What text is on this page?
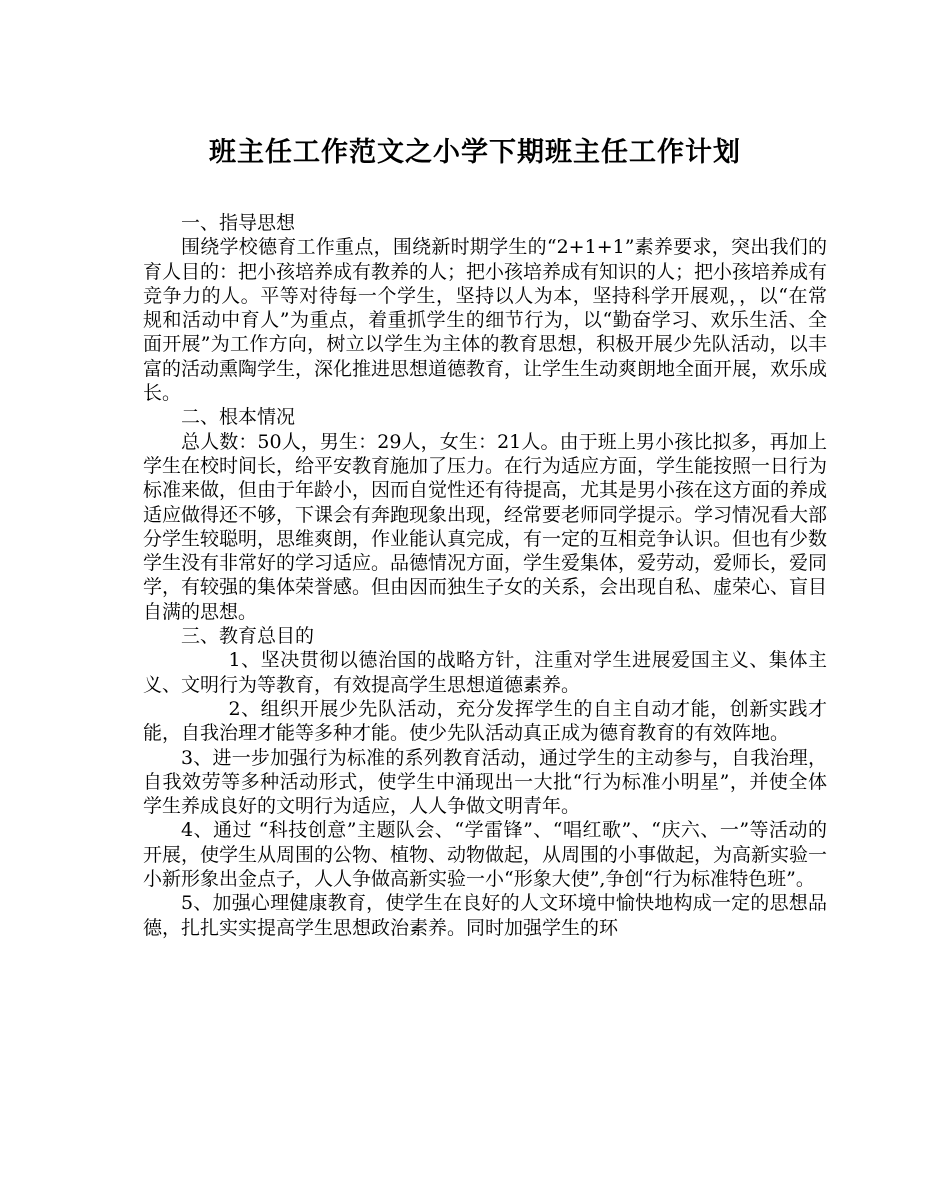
班主任工作范文之小学下期班主任工作计划

一、指导思想

围绕学校德育工作重点，围绕新时期学生的“2+1+1”素养要求，突出我们的育人目的：把小孩培养成有教养的人；把小孩培养成有知识的人；把小孩培养成有竞争力的人。平等对待每一个学生，坚持以人为本，坚持科学开展观，，以“在常规和活动中育人”为重点，着重抓学生的细节行为，以“勤奋学习、欢乐生活、全面开展”为工作方向，树立以学生为主体的教育思想，积极开展少先队活动，以丰富的活动熏陶学生，深化推进思想道德教育，让学生生动爽朗地全面开展，欢乐成长。

二、根本情况

总人数：50人，男生：29人，女生：21人。由于班上男小孩比拟多，再加上学生在校时间长，给平安教育施加了压力。在行为适应方面，学生能按照一日行为标准来做，但由于年龄小，因而自觉性还有待提高，尤其是男小孩在这方面的养成适应做得还不够，下课会有奔跑现象出现，经常要老师同学提示。学习情况看大部分学生较聪明，思维爽朗，作业能认真完成，有一定的互相竞争认识。但也有少数学生没有非常好的学习适应。品德情况方面，学生爱集体，爱劳动，爱师长，爱同学，有较强的集体荣誉感。但由因而独生子女的关系，会出现自私、虚荣心、盲目自满的思想。

三、教育总目的

1、坚决贯彻以德治国的战略方针，注重对学生进展爱国主义、集体主义、文明行为等教育，有效提高学生思想道德素养。

2、组织开展少先队活动，充分发挥学生的自主自动才能，创新实践才能，自我治理才能等多种才能。使少先队活动真正成为德育教育的有效阵地。

3、进一步加强行为标准的系列教育活动，通过学生的主动参与，自我治理，自我效劳等多种活动形式，使学生中涌现出一大批“行为标准小明星”，并使全体学生养成良好的文明行为适应，人人争做文明青年。

4、通过 “科技创意”主题队会、“学雷锋”、“唱红歌”、“庆六、一”等活动的开展，使学生从周围的公物、植物、动物做起，从周围的小事做起，为高新实验一小新形象出金点子，人人争做高新实验一小“形象大使”,争创“行为标准特色班”。

5、加强心理健康教育，使学生在良好的人文环境中愉快地构成一定的思想品德，扎扎实实提高学生思想政治素养。同时加强学生的环
